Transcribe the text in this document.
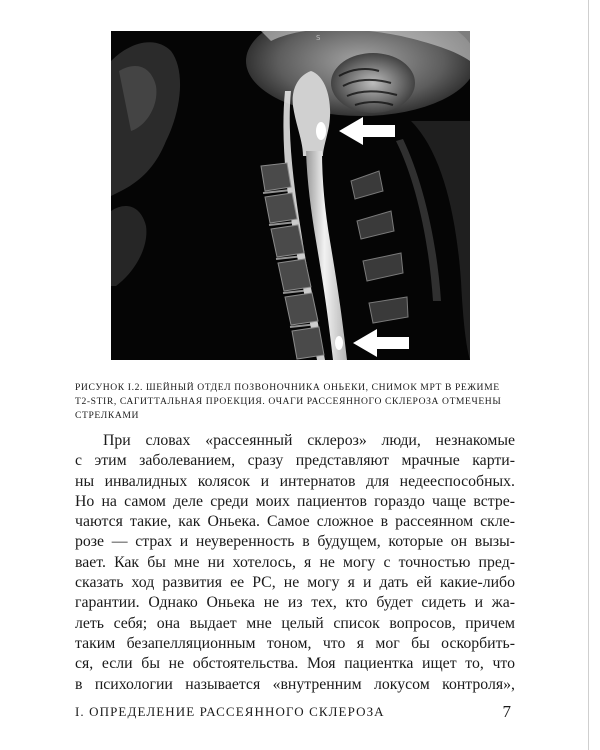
S
РИСУНОК I.2. ШЕЙНЫЙ ОТДЕЛ ПОЗВОНОЧНИКА ОНЬЕКИ, СНИМОК МРТ В РЕЖИМЕ
T2-STIR, САГИТТАЛЬНАЯ ПРОЕКЦИЯ. ОЧАГИ РАССЕЯННОГО СКЛЕРОЗА ОТМЕЧЕНЫ
СТРЕЛКАМИ
При словах «рассеянный склероз» люди, незнакомые
с этим заболеванием, сразу представляют мрачные карти-
ны инвалидных колясок и интернатов для недееспособных.
Но на самом деле среди моих пациентов гораздо чаще встре-
чаются такие, как Оньека. Самое сложное в рассеянном скле-
розе — страх и неуверенность в будущем, которые он вызы-
вает. Как бы мне ни хотелось, я не могу с точностью пред-
сказать ход развития ее РС, не могу я и дать ей какие-либо
гарантии. Однако Оньека не из тех, кто будет сидеть и жа-
леть себя; она выдает мне целый список вопросов, причем
таким безапелляционным тоном, что я мог бы оскорбить-
ся, если бы не обстоятельства. Моя пациентка ищет то, что
в психологии называется «внутренним локусом контроля»,
I. ОПРЕДЕЛЕНИЕ РАССЕЯННОГО СКЛЕРОЗА	7
